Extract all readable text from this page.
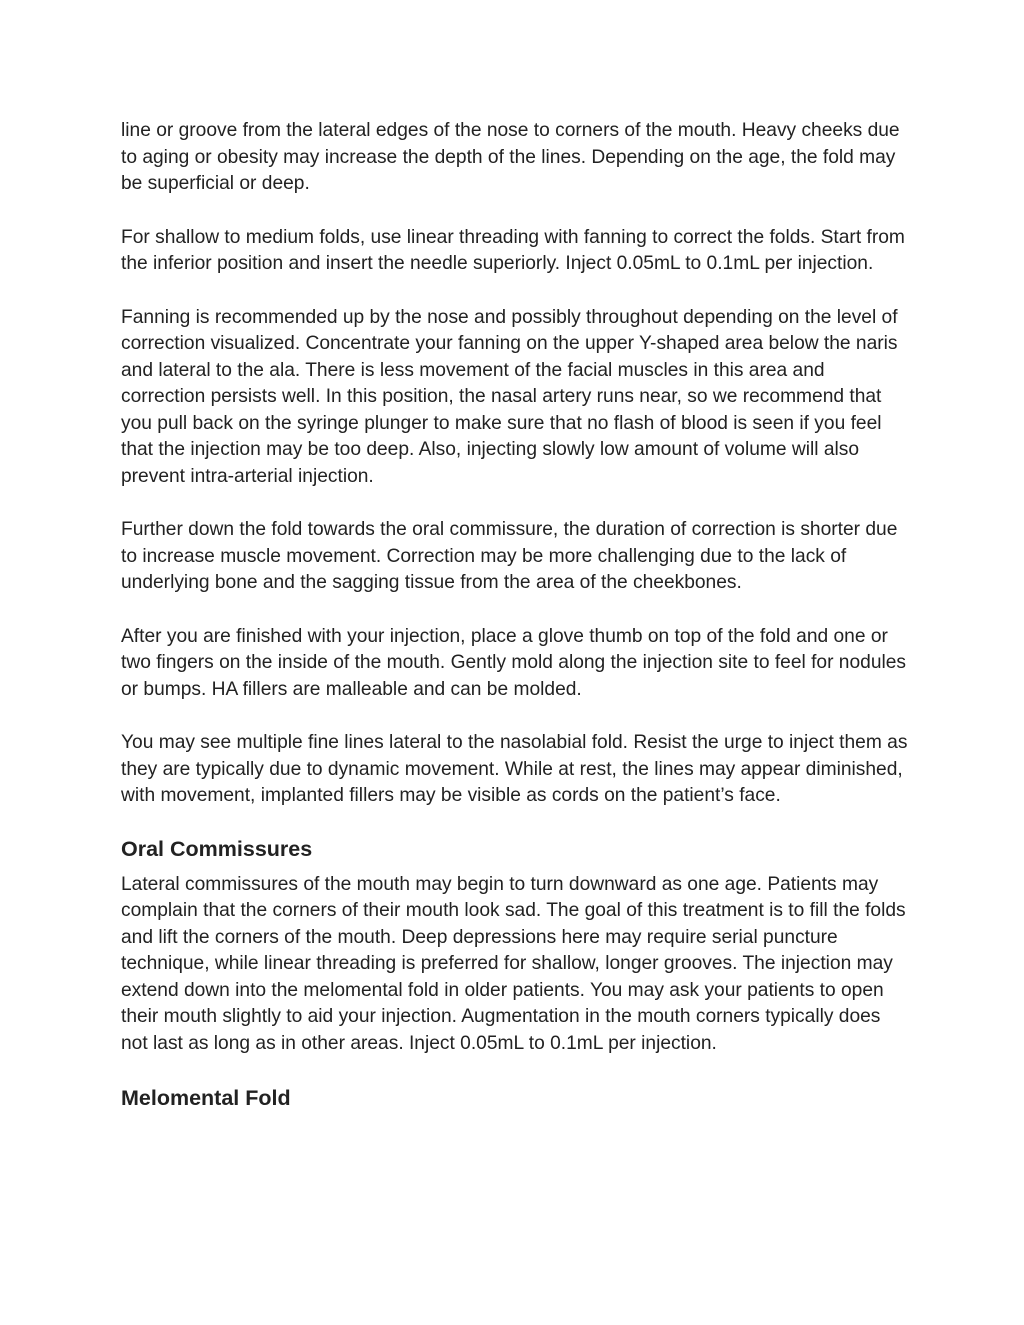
line or groove from the lateral edges of the nose to corners of the mouth. Heavy cheeks due to aging or obesity may increase the depth of the lines. Depending on the age, the fold may be superficial or deep.

For shallow to medium folds, use linear threading with fanning to correct the folds. Start from the inferior position and insert the needle superiorly. Inject 0.05mL to 0.1mL per injection.

Fanning is recommended up by the nose and possibly throughout depending on the level of correction visualized. Concentrate your fanning on the upper Y-shaped area below the naris and lateral to the ala. There is less movement of the facial muscles in this area and correction persists well. In this position, the nasal artery runs near, so we recommend that you pull back on the syringe plunger to make sure that no flash of blood is seen if you feel that the injection may be too deep. Also, injecting slowly low amount of volume will also prevent intra-arterial injection.

Further down the fold towards the oral commissure, the duration of correction is shorter due to increase muscle movement. Correction may be more challenging due to the lack of underlying bone and the sagging tissue from the area of the cheekbones.

After you are finished with your injection, place a glove thumb on top of the fold and one or two fingers on the inside of the mouth. Gently mold along the injection site to feel for nodules or bumps. HA fillers are malleable and can be molded.

You may see multiple fine lines lateral to the nasolabial fold. Resist the urge to inject them as they are typically due to dynamic movement. While at rest, the lines may appear diminished, with movement, implanted fillers may be visible as cords on the patient’s face.

Oral Commissures

Lateral commissures of the mouth may begin to turn downward as one age. Patients may complain that the corners of their mouth look sad. The goal of this treatment is to fill the folds and lift the corners of the mouth. Deep depressions here may require serial puncture technique, while linear threading is preferred for shallow, longer grooves. The injection may extend down into the melomental fold in older patients. You may ask your patients to open their mouth slightly to aid your injection. Augmentation in the mouth corners typically does not last as long as in other areas. Inject 0.05mL to 0.1mL per injection.

Melomental Fold
